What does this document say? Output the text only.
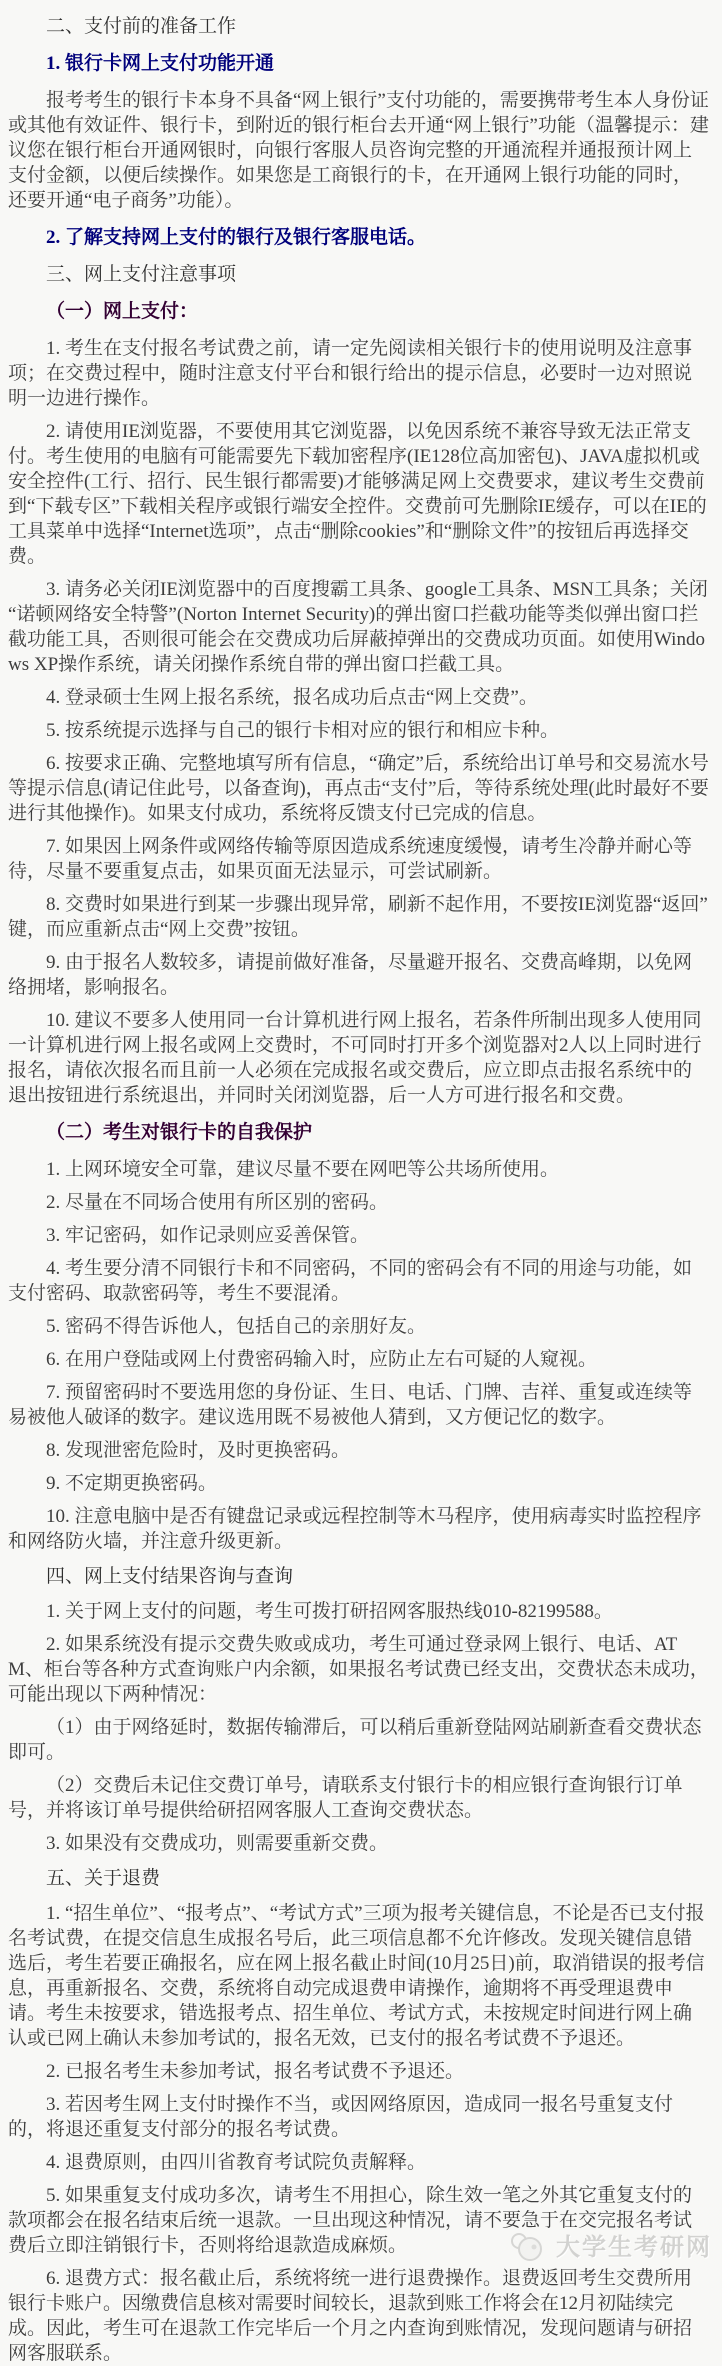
二、支付前的准备工作

1. 银行卡网上支付功能开通

报考考生的银行卡本身不具备“网上银行”支付功能的，需要携带考生本人身份证或其他有效证件、银行卡，到附近的银行柜台去开通“网上银行”功能（温馨提示：建议您在银行柜台开通网银时，向银行客服人员咨询完整的开通流程并通报预计网上支付金额，以便后续操作。如果您是工商银行的卡，在开通网上银行功能的同时，还要开通“电子商务”功能）。

2. 了解支持网上支付的银行及银行客服电话。

三、网上支付注意事项

（一）网上支付：

1. 考生在支付报名考试费之前，请一定先阅读相关银行卡的使用说明及注意事项；在交费过程中，随时注意支付平台和银行给出的提示信息，必要时一边对照说明一边进行操作。

2. 请使用IE浏览器，不要使用其它浏览器，以免因系统不兼容导致无法正常支付。考生使用的电脑有可能需要先下载加密程序(IE128位高加密包)、JAVA虚拟机或安全控件(工行、招行、民生银行都需要)才能够满足网上交费要求，建议考生交费前到“下载专区”下载相关程序或银行端安全控件。交费前可先删除IE缓存，可以在IE的工具菜单中选择“Internet选项”，点击“删除cookies”和“删除文件”的按钮后再选择交费。

3. 请务必关闭IE浏览器中的百度搜霸工具条、google工具条、MSN工具条；关闭“诺顿网络安全特警”(Norton Internet Security)的弹出窗口拦截功能等类似弹出窗口拦截功能工具，否则很可能会在交费成功后屏蔽掉弹出的交费成功页面。如使用Windows XP操作系统，请关闭操作系统自带的弹出窗口拦截工具。

4. 登录硕士生网上报名系统，报名成功后点击“网上交费”。

5. 按系统提示选择与自己的银行卡相对应的银行和相应卡种。

6. 按要求正确、完整地填写所有信息，“确定”后，系统给出订单号和交易流水号等提示信息(请记住此号，以备查询)，再点击“支付”后，等待系统处理(此时最好不要进行其他操作)。如果支付成功，系统将反馈支付已完成的信息。

7. 如果因上网条件或网络传输等原因造成系统速度缓慢，请考生冷静并耐心等待，尽量不要重复点击，如果页面无法显示，可尝试刷新。

8. 交费时如果进行到某一步骤出现异常，刷新不起作用，不要按IE浏览器“返回”键，而应重新点击“网上交费”按钮。

9. 由于报名人数较多，请提前做好准备，尽量避开报名、交费高峰期，以免网络拥堵，影响报名。

10. 建议不要多人使用同一台计算机进行网上报名，若条件所制出现多人使用同一计算机进行网上报名或网上交费时，不可同时打开多个浏览器对2人以上同时进行报名，请依次报名而且前一人必须在完成报名或交费后，应立即点击报名系统中的退出按钮进行系统退出，并同时关闭浏览器，后一人方可进行报名和交费。

（二）考生对银行卡的自我保护

1. 上网环境安全可靠，建议尽量不要在网吧等公共场所使用。

2. 尽量在不同场合使用有所区别的密码。

3. 牢记密码，如作记录则应妥善保管。

4. 考生要分清不同银行卡和不同密码，不同的密码会有不同的用途与功能，如支付密码、取款密码等，考生不要混淆。

5. 密码不得告诉他人，包括自己的亲朋好友。

6. 在用户登陆或网上付费密码输入时，应防止左右可疑的人窥视。

7. 预留密码时不要选用您的身份证、生日、电话、门牌、吉祥、重复或连续等易被他人破译的数字。建议选用既不易被他人猜到，又方便记忆的数字。

8. 发现泄密危险时，及时更换密码。

9. 不定期更换密码。

10. 注意电脑中是否有键盘记录或远程控制等木马程序，使用病毒实时监控程序和网络防火墙，并注意升级更新。

四、网上支付结果咨询与查询

1. 关于网上支付的问题，考生可拨打研招网客服热线010-82199588。

2. 如果系统没有提示交费失败或成功，考生可通过登录网上银行、电话、ATM、柜台等各种方式查询账户内余额，如果报名考试费已经支出，交费状态未成功，可能出现以下两种情况：

（1）由于网络延时，数据传输滞后，可以稍后重新登陆网站刷新查看交费状态即可。

（2）交费后未记住交费订单号，请联系支付银行卡的相应银行查询银行订单号，并将该订单号提供给研招网客服人工查询交费状态。

3. 如果没有交费成功，则需要重新交费。

五、关于退费

1. “招生单位”、“报考点”、“考试方式”三项为报考关键信息，不论是否已支付报名考试费，在提交信息生成报名号后，此三项信息都不允许修改。发现关键信息错选后，考生若要正确报名，应在网上报名截止时间(10月25日)前，取消错误的报考信息，再重新报名、交费，系统将自动完成退费申请操作，逾期将不再受理退费申请。考生未按要求，错选报考点、招生单位、考试方式，未按规定时间进行网上确认或已网上确认未参加考试的，报名无效，已支付的报名考试费不予退还。

2. 已报名考生未参加考试，报名考试费不予退还。

3. 若因考生网上支付时操作不当，或因网络原因，造成同一报名号重复支付的，将退还重复支付部分的报名考试费。

4. 退费原则，由四川省教育考试院负责解释。

5. 如果重复支付成功多次，请考生不用担心，除生效一笔之外其它重复支付的款项都会在报名结束后统一退款。一旦出现这种情况，请不要急于在交完报名考试费后立即注销银行卡，否则将给退款造成麻烦。

6. 退费方式：报名截止后，系统将统一进行退费操作。退费返回考生交费所用银行卡账户。因缴费信息核对需要时间较长，退款到账工作将会在12月初陆续完成。因此，考生可在退款工作完毕后一个月之内查询到账情况，发现问题请与研招网客服联系。

大学生考研网
